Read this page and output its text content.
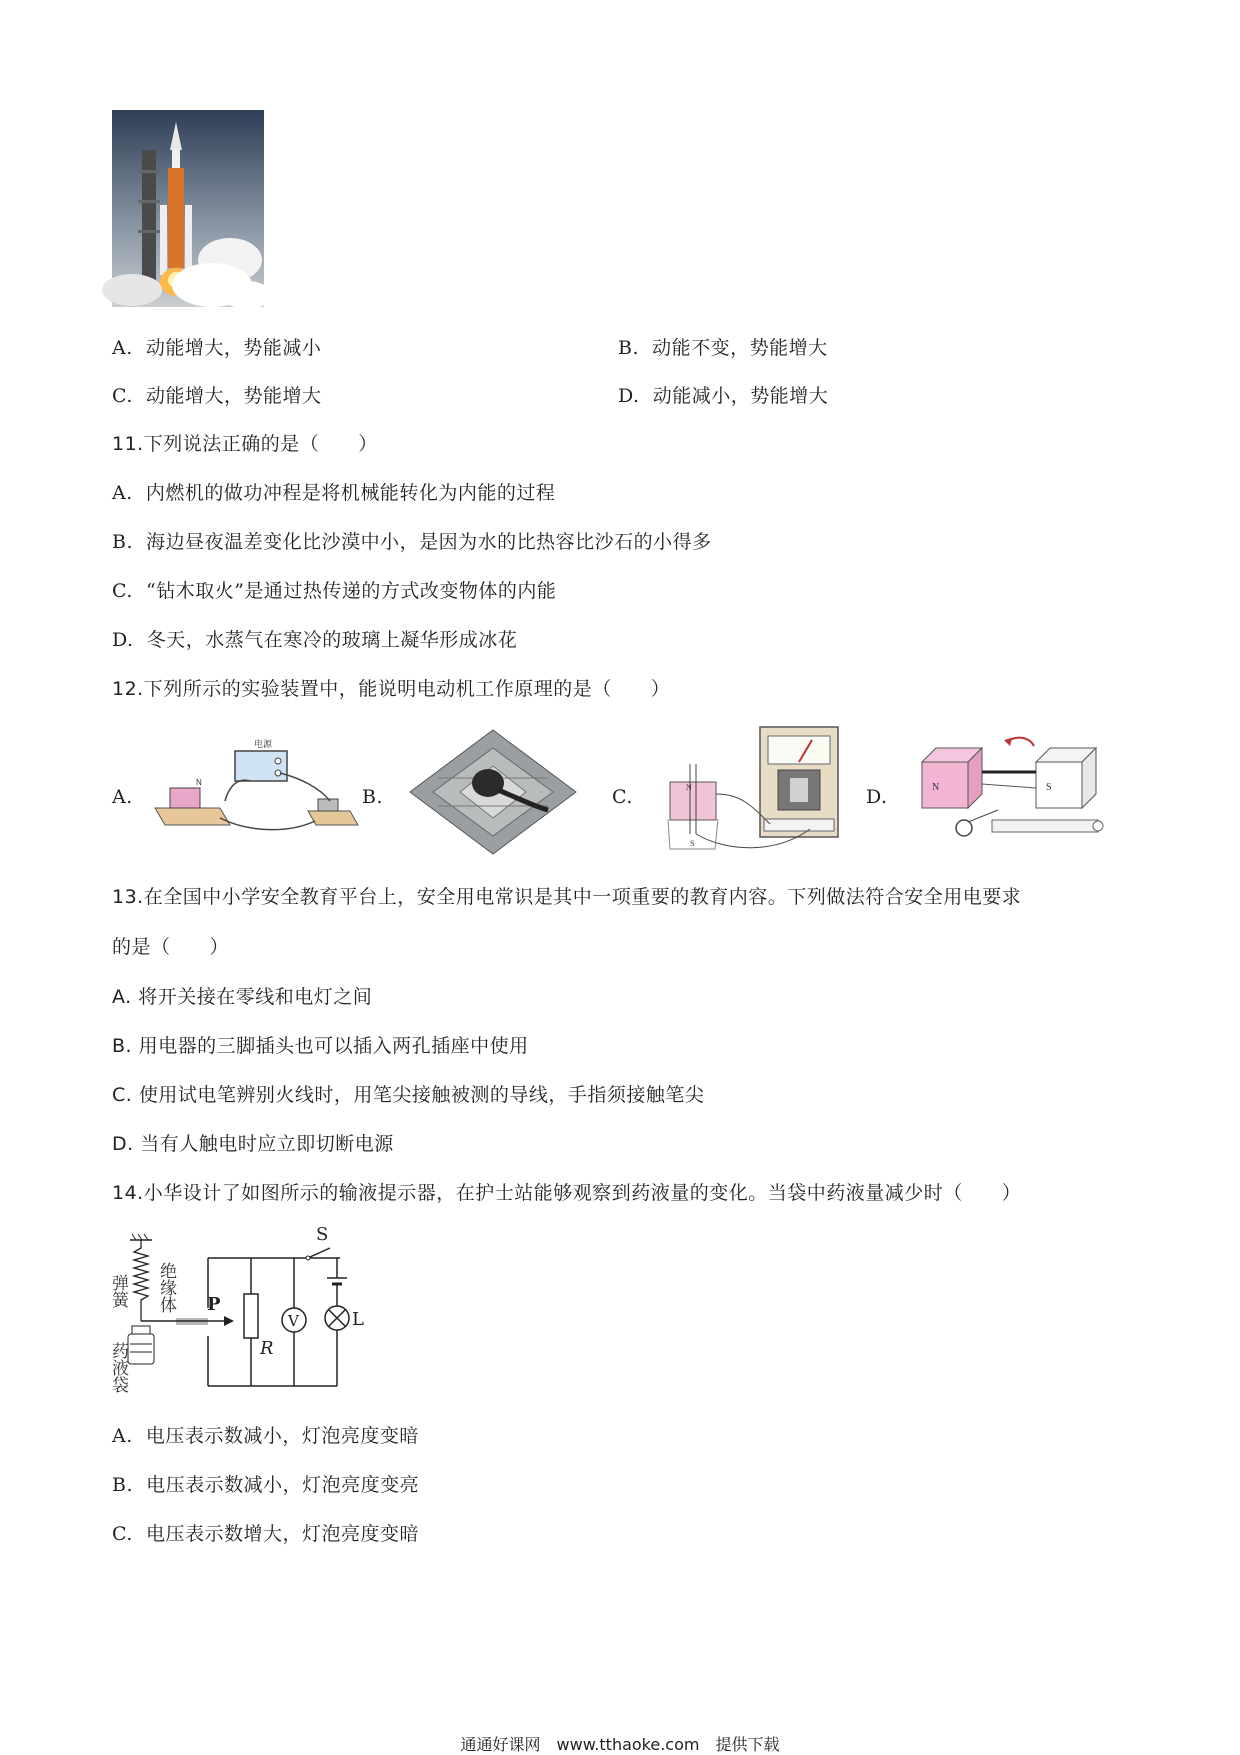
A. 动能增大，势能减小	B. 动能不变，势能增大
C. 动能增大，势能增大	D. 动能减小，势能增大
11.下列说法正确的是（　　）
A. 内燃机的做功冲程是将机械能转化为内能的过程
B. 海边昼夜温差变化比沙漠中小，是因为水的比热容比沙石的小得多
C. “钻木取火”是通过热传递的方式改变物体的内能
D. 冬天，水蒸气在寒冷的玻璃上凝华形成冰花
12.下列所示的实验装置中，能说明电动机工作原理的是（　　）
A.
电源
N
B.	C.	N
S
D.	N	S
13.在全国中小学安全教育平台上，安全用电常识是其中一项重要的教育内容。下列做法符合安全用电要求
的是（　　）
A. 将开关接在零线和电灯之间
B. 用电器的三脚插头也可以插入两孔插座中使用
C. 使用试电笔辨别火线时，用笔尖接触被测的导线，手指须接触笔尖
D. 当有人触电时应立即切断电源
14.小华设计了如图所示的输液提示器，在护士站能够观察到药液量的变化。当袋中药液量减少时（　　）
弹簧 绝缘体 P
药液袋	R
V
S
L
A. 电压表示数减小，灯泡亮度变暗
B. 电压表示数减小，灯泡亮度变亮
C. 电压表示数增大，灯泡亮度变暗
通通好课网　www.tthaoke.com　提供下载
